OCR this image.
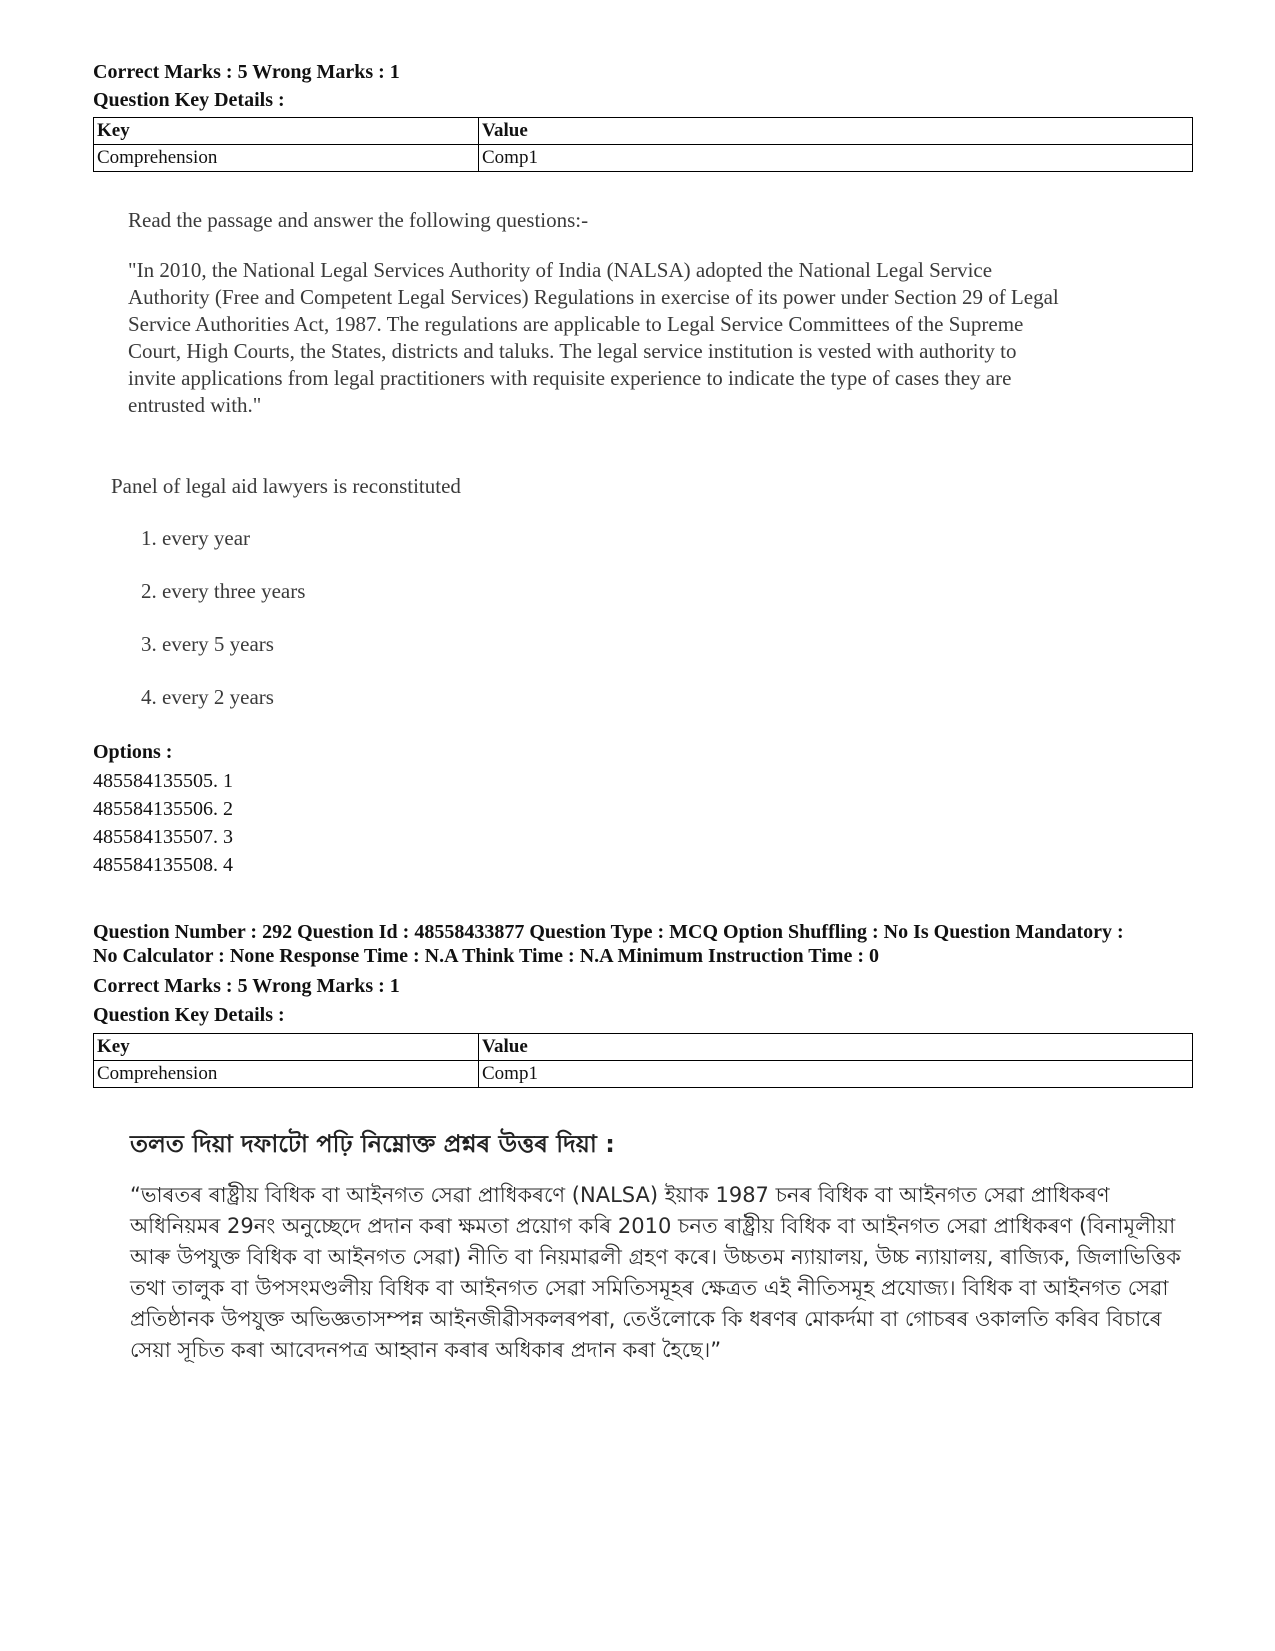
Correct Marks : 5 Wrong Marks : 1

Question Key Details :

Key	Value
Comprehension	Comp1
Read the passage and answer the following questions:-
"In 2010, the National Legal Services Authority of India (NALSA) adopted the National Legal Service
Authority (Free and Competent Legal Services) Regulations in exercise of its power under Section 29 of Legal
Service Authorities Act, 1987. The regulations are applicable to Legal Service Committees of the Supreme
Court, High Courts, the States, districts and taluks. The legal service institution is vested with authority to
invite applications from legal practitioners with requisite experience to indicate the type of cases they are
entrusted with."
Panel of legal aid lawyers is reconstituted
1. every year
2. every three years
3. every 5 years
4. every 2 years

Options :

485584135505. 1
485584135506. 2
485584135507. 3
485584135508. 4

Question Number : 292 Question Id : 48558433877 Question Type : MCQ Option Shuffling : No Is Question Mandatory :

No Calculator : None Response Time : N.A Think Time : N.A Minimum Instruction Time : 0

Correct Marks : 5 Wrong Marks : 1

Question Key Details :

Key	Value
Comprehension	Comp1
তলত দিয়া দফাটো পঢ়ি নিম্নোক্ত প্ৰশ্নৰ উত্তৰ দিয়া :

“ভাৰতৰ ৰাষ্ট্ৰীয় বিধিক বা আইনগত সেৱা প্ৰাধিকৰণে (NALSA) ইয়াক 1987 চনৰ বিধিক বা আইনগত সেৱা প্ৰাধিকৰণ অধিনিয়মৰ 29নং অনুচ্ছেদে প্ৰদান কৰা ক্ষমতা প্ৰয়োগ কৰি 2010 চনত ৰাষ্ট্ৰীয় বিধিক বা আইনগত সেৱা প্ৰাধিকৰণ (বিনামূলীয়া আৰু উপযুক্ত বিধিক বা আইনগত সেৱা) নীতি বা নিয়মাৱলী গ্ৰহণ কৰে। উচ্চতম ন্যায়ালয়, উচ্চ ন্যায়ালয়, ৰাজ্যিক, জিলাভিত্তিক তথা তালুক বা উপসংমণ্ডলীয় বিধিক বা আইনগত সেৱা সমিতিসমূহৰ ক্ষেত্ৰত এই নীতিসমূহ প্ৰযোজ্য। বিধিক বা আইনগত সেৱা প্ৰতিষ্ঠানক উপযুক্ত অভিজ্ঞতাসম্পন্ন আইনজীৱীসকলৰপৰা, তেওঁলোকে কি ধৰণৰ মোকৰ্দমা বা গোচৰৰ ওকালতি কৰিব বিচাৰে সেয়া সূচিত কৰা আবেদনপত্ৰ আহ্বান কৰাৰ অধিকাৰ প্ৰদান কৰা হৈছে।”
